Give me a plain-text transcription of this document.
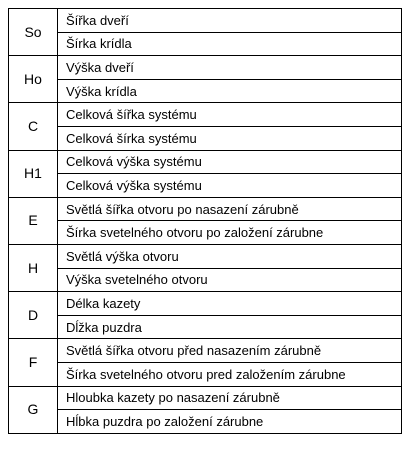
So	Šířka dveří
	Šírka krídla
Ho	Výška dveří
	Výška krídla
C	Celková šířka systému
	Celková šírka systému
H1	Celková výška systému
	Celková výška systému
E	Světlá šířka otvoru po nasazení zárubně
	Šírka svetelného otvoru po založení zárubne
H	Světlá výška otvoru
	Výška svetelného otvoru
D	Délka kazety
	Dĺžka puzdra
F	Světlá šířka otvoru před nasazením zárubně
	Šírka svetelného otvoru pred založením zárubne
G	Hloubka kazety po nasazení zárubně
	Hĺbka puzdra po založení zárubne
